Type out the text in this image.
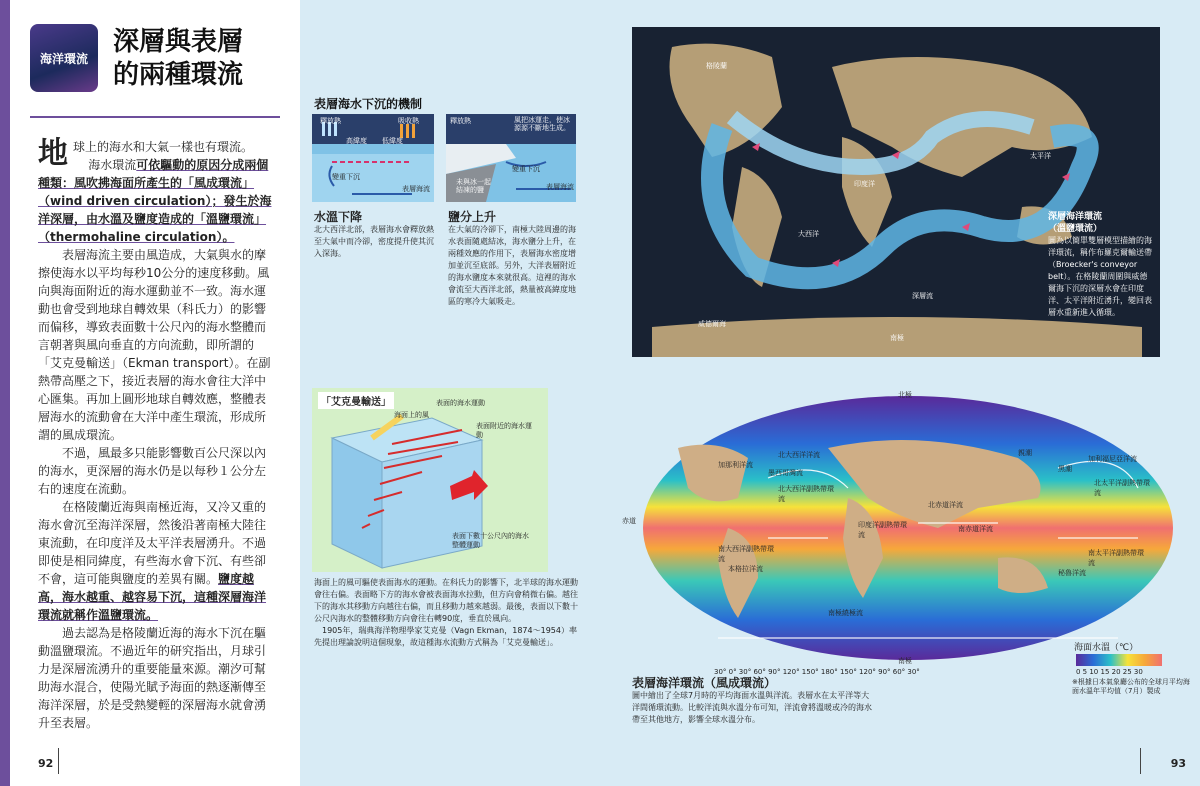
海洋環流
深層與表層
的兩種環流

地球上的海水和大氣一樣也有環流。
海水環流可依驅動的原因分成兩個種類：風吹拂海面所產生的「風成環流」（wind driven circulation）；發生於海洋深層，由水溫及鹽度造成的「溫鹽環流」（thermohaline circulation）。

表層海流主要由風造成，大氣與水的摩擦使海水以平均每秒10公分的速度移動。風向與海面附近的海水運動並不一致。海水運動也會受到地球自轉效果（科氏力）的影響而偏移，導致表面數十公尺內的海水整體而言朝著與風向垂直的方向流動，即所謂的「艾克曼輸送」（Ekman transport）。在副熱帶高壓之下，接近表層的海水會往大洋中心匯集。再加上圓形地球自轉效應，整體表層海水的流動會在大洋中產生環流，形成所謂的風成環流。

不過，風最多只能影響數百公尺深以內的海水，更深層的海水仍是以每秒１公分左右的速度在流動。

在格陵蘭近海與南極近海，又冷又重的海水會沉至海洋深層，然後沿著南極大陸往東流動，在印度洋及太平洋表層湧升。不過即使是相同緯度，有些海水會下沉、有些卻不會，這可能與鹽度的差異有關。鹽度越高，海水越重、越容易下沉，這種深層海洋環流就稱作溫鹽環流。

過去認為是格陵蘭近海的海水下沉在驅動溫鹽環流。不過近年的研究指出，月球引力是深層流湧升的重要能量來源。潮汐可幫助海水混合，使陽光賦予海面的熱逐漸傳至海洋深層，於是受熱變輕的深層海水就會湧升至表層。

92
表層海水下沉的機制
釋放熱	吸收熱
高緯度 低緯度
變重下沉
表層海流
釋放熱	風把冰運走，使冰源源不斷地生成。
未與冰一起結凍的鹽
變重下沉
表層海流
水溫下降
北大西洋北部，表層海水會釋放熱至大氣中而冷卻，密度提升使其沉入深海。
鹽分上升
在大氣的冷卻下，南極大陸周邊的海水表面隨處結冰，海水鹽分上升，在兩種效應的作用下，表層海水密度增加並沉至底部。另外，大洋表層附近的海水鹽度本來就很高。這裡的海水會流至大西洋北部，熱量被高緯度地區的寒冷大氣吸走。
「艾克曼輸送」	表面的海水運動
海面上的風
表面附近的海水運動
表面下數十公尺內的海水整體運動
海面上的風可驅使表面海水的運動。在科氏力的影響下，北半球的海水運動會往右偏。表面略下方的海水會被表面海水拉動，但方向會稍微右偏。越往下的海水其移動方向越往右偏，而且移動力越來越弱。最後，表面以下數十公尺內海水的整體移動方向會往右轉90度，垂直於風向。
1905年，瑞典海洋物理學家艾克曼（Vagn Ekman，1874～1954）率先提出理論說明這個現象，故這種海水流動方式稱為「艾克曼輸送」。
格陵蘭
太平洋
印度洋
大西洋
深層流
威德爾海
南極
深層海洋環流
（溫鹽環流）
圖為以簡單雙層模型描繪的海洋環流，稱作布羅克爾輸送帶（Broecker's conveyor belt）。在格陵蘭周圍與威德爾海下沉的深層水會在印度洋、太平洋附近湧升，變回表層水重新進入循環。
北極
南極
赤道
墨西哥灣流	黑潮
北赤道洋流
南赤道洋流
南極繞極流
加那利洋流
北大西洋洋流	加利福尼亞洋流
北太平洋副熱帶環流
南太平洋副熱帶環流
南大西洋副熱帶環流
印度洋副熱帶環流
秘魯洋流
本格拉洋流
北大西洋副熱帶環流
親潮
30° 0° 30° 60° 90° 120° 150° 180° 150° 120° 90° 60° 30°
海面水溫（℃）
0 5 10 15 20 25 30
※根據日本氣象廳公布的全球月平均海面水溫年平均值（7月）製成
表層海洋環流（風成環流）
圖中繪出了全球7月時的平均海面水溫與洋流。表層水在太平洋等大洋間循環流動。比較洋流與水溫分布可知，洋流會將溫暖或冷的海水帶至其他地方，影響全球水溫分布。
93
